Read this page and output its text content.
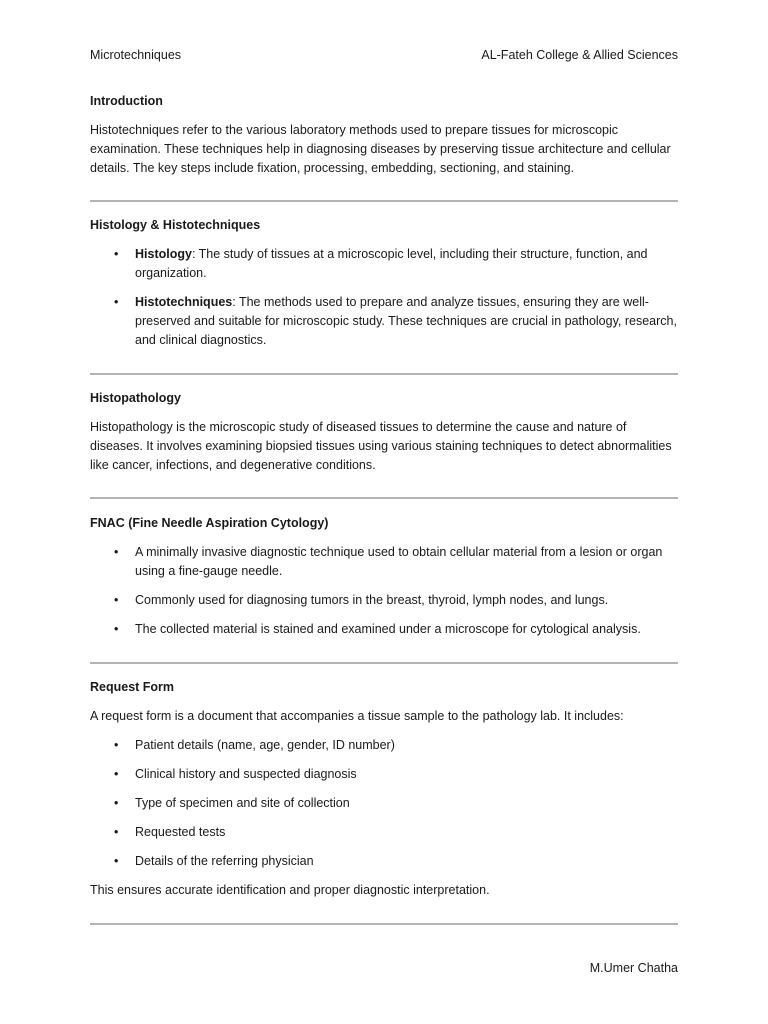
Microtechniques	AL-Fateh College & Allied Sciences
Introduction

Histotechniques refer to the various laboratory methods used to prepare tissues for microscopic examination. These techniques help in diagnosing diseases by preserving tissue architecture and cellular details. The key steps include fixation, processing, embedding, sectioning, and staining.

Histology & Histotechniques
• Histology: The study of tissues at a microscopic level, including their structure, function, and organization.
• Histotechniques: The methods used to prepare and analyze tissues, ensuring they are well-preserved and suitable for microscopic study. These techniques are crucial in pathology, research, and clinical diagnostics.
Histopathology

Histopathology is the microscopic study of diseased tissues to determine the cause and nature of diseases. It involves examining biopsied tissues using various staining techniques to detect abnormalities like cancer, infections, and degenerative conditions.

FNAC (Fine Needle Aspiration Cytology)
• A minimally invasive diagnostic technique used to obtain cellular material from a lesion or organ using a fine-gauge needle.
• Commonly used for diagnosing tumors in the breast, thyroid, lymph nodes, and lungs.
• The collected material is stained and examined under a microscope for cytological analysis.
Request Form

A request form is a document that accompanies a tissue sample to the pathology lab. It includes:

• Patient details (name, age, gender, ID number)
• Clinical history and suspected diagnosis
• Type of specimen and site of collection
• Requested tests
• Details of the referring physician

This ensures accurate identification and proper diagnostic interpretation.

M.Umer Chatha
